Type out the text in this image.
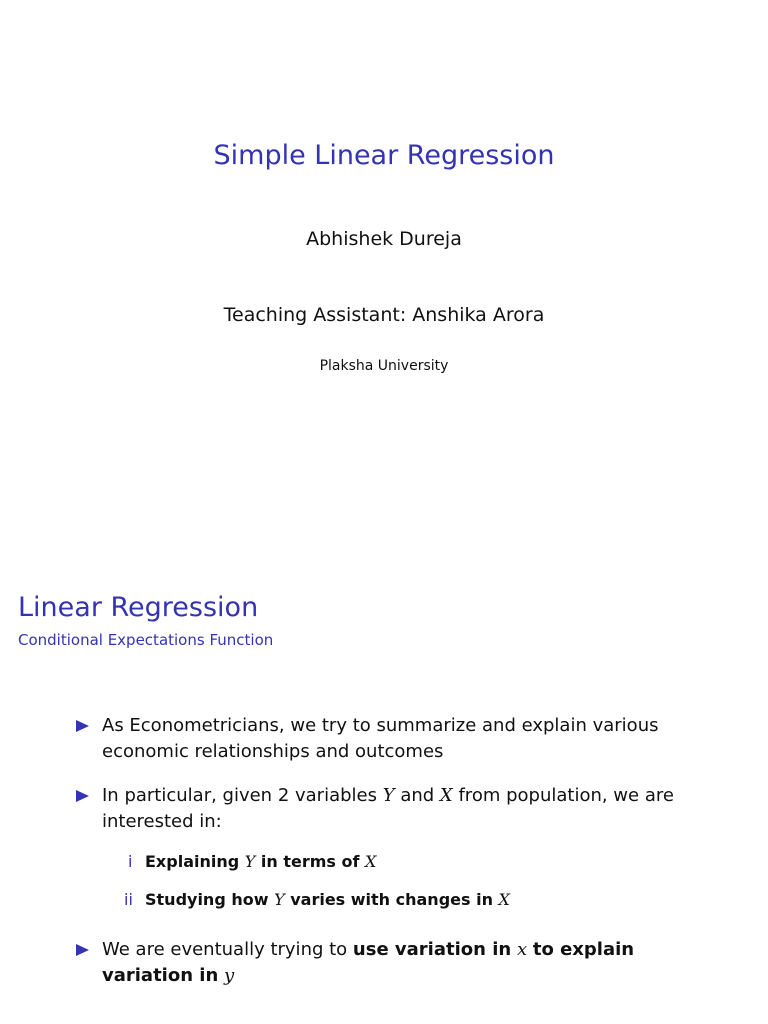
Simple Linear Regression
Abhishek Dureja
Teaching Assistant: Anshika Arora
Plaksha University
Linear Regression
Conditional Expectations Function
As Econometricians, we try to summarize and explain various economic relationships and outcomes
In particular, given 2 variables Y and X from population, we are interested in:
i Explaining Y in terms of X
ii Studying how Y varies with changes in X
We are eventually trying to use variation in x to explain variation in y
